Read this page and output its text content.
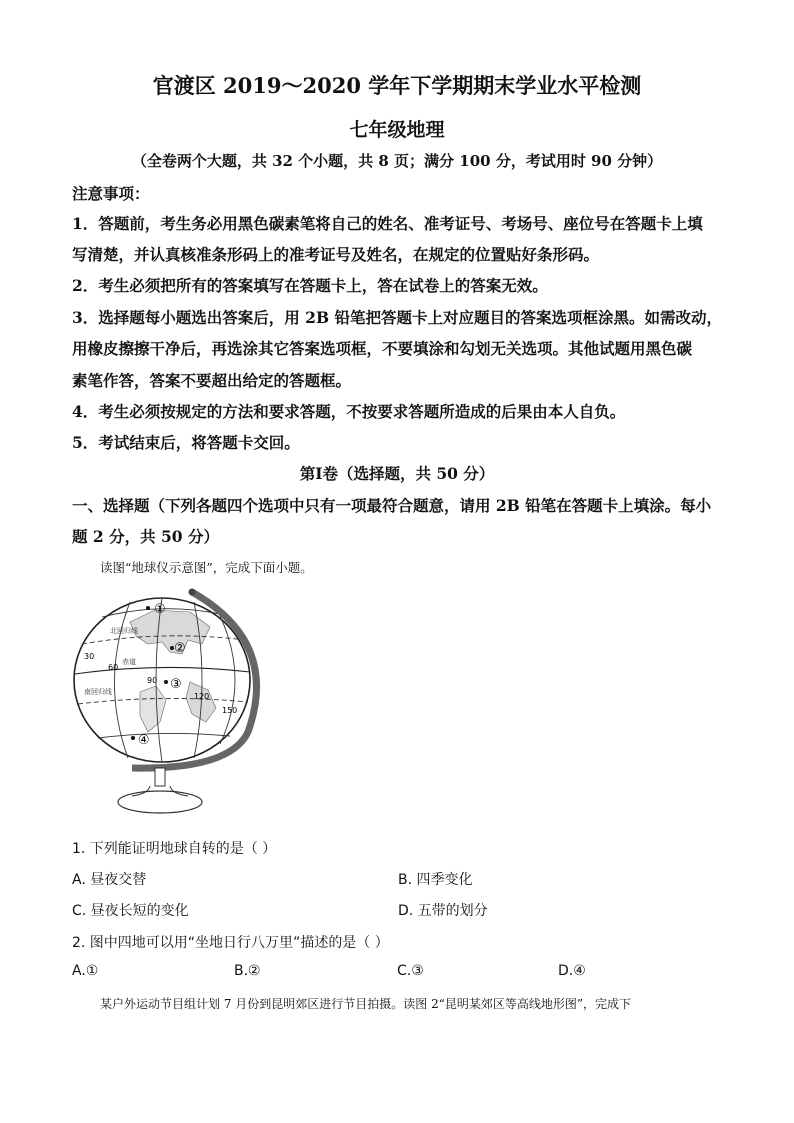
官渡区 2019～2020 学年下学期期末学业水平检测
七年级地理
（全卷两个大题，共 32 个小题，共 8 页；满分 100 分，考试用时 90 分钟）
注意事项：
1．答题前，考生务必用黑色碳素笔将自己的姓名、准考证号、考场号、座位号在答题卡上填
写清楚，并认真核准条形码上的准考证号及姓名，在规定的位置贴好条形码。
2．考生必须把所有的答案填写在答题卡上，答在试卷上的答案无效。
3．选择题每小题选出答案后，用 2B 铅笔把答题卡上对应题目的答案选项框涂黑。如需改动，
用橡皮擦擦干净后，再选涂其它答案选项框，不要填涂和勾划无关选项。其他试题用黑色碳
素笔作答，答案不要超出给定的答题框。
4．考生必须按规定的方法和要求答题，不按要求答题所造成的后果由本人自负。
5．考试结束后，将答题卡交回。
第Ⅰ卷（选择题，共 50 分）
一、选择题（下列各题四个选项中只有一项最符合题意，请用 2B 铅笔在答题卡上填涂。每小
题 2 分，共 50 分）
读图“地球仪示意图”，完成下面小题。
①
②
③
④
北回归线
赤道
南回归线
30
60
90
120
150
1. 下列能证明地球自转的是（ ）
A. 昼夜交替	B. 四季变化
C. 昼夜长短的变化	D. 五带的划分
2. 图中四地可以用“坐地日行八万里”描述的是（ ）
A.①	B.②	C.③	D.④
某户外运动节目组计划 7 月份到昆明郊区进行节目拍摄。读图 2“昆明某郊区等高线地形图”，完成下
